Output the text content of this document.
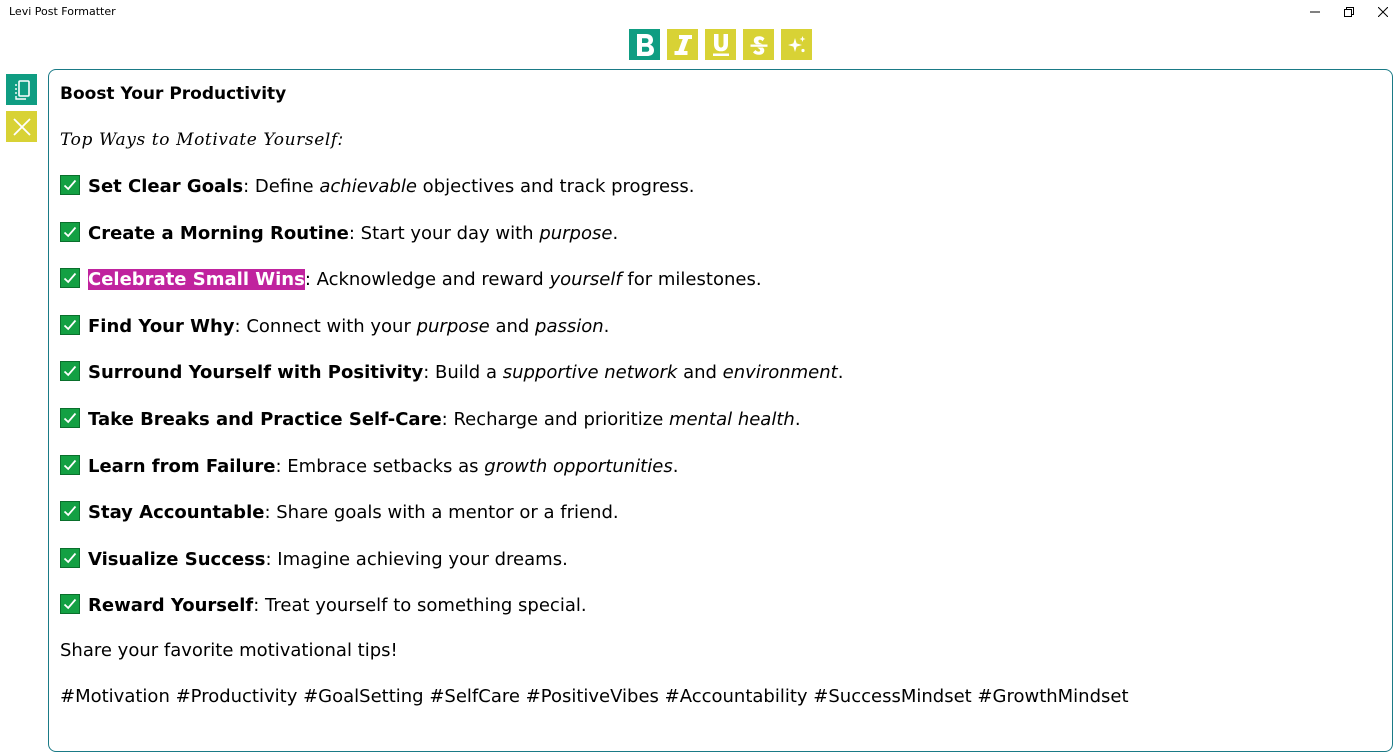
Levi Post Formatter
Boost Your Productivity
Top Ways to Motivate Yourself:
Set Clear Goals: Define achievable objectives and track progress.
Create a Morning Routine: Start your day with purpose.
Celebrate Small Wins: Acknowledge and reward yourself for milestones.
Find Your Why: Connect with your purpose and passion.
Surround Yourself with Positivity: Build a supportive network and environment.
Take Breaks and Practice Self-Care: Recharge and prioritize mental health.
Learn from Failure: Embrace setbacks as growth opportunities.
Stay Accountable: Share goals with a mentor or a friend.
Visualize Success: Imagine achieving your dreams.
Reward Yourself: Treat yourself to something special.
Share your favorite motivational tips!
#Motivation #Productivity #GoalSetting #SelfCare #PositiveVibes #Accountability #SuccessMindset #GrowthMindset
